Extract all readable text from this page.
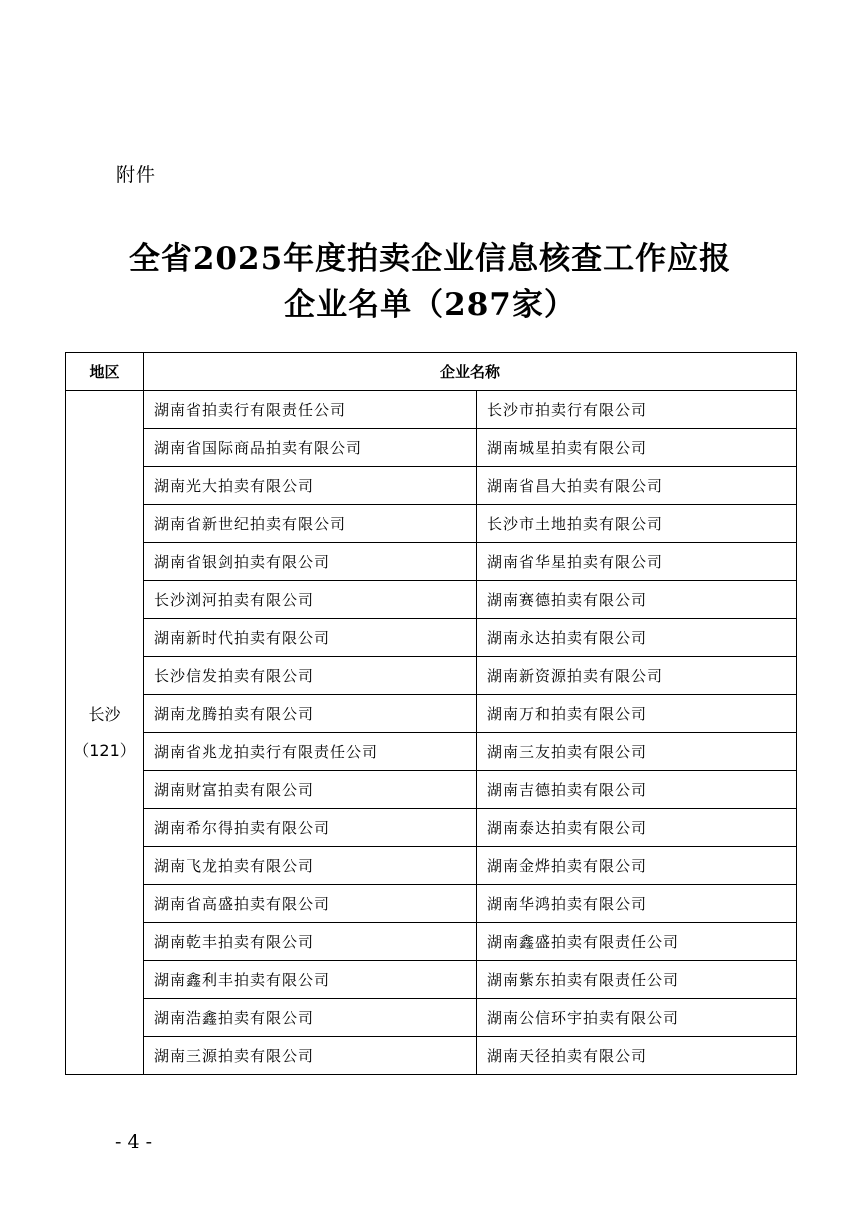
附件
全省2025年度拍卖企业信息核查工作应报
企业名单（287家）
地区	企业名称	

长沙
（121）	湖南省拍卖行有限责任公司	长沙市拍卖行有限公司
	湖南省国际商品拍卖有限公司	湖南城星拍卖有限公司
	湖南光大拍卖有限公司	湖南省昌大拍卖有限公司
	湖南省新世纪拍卖有限公司	长沙市土地拍卖有限公司
	湖南省银剑拍卖有限公司	湖南省华星拍卖有限公司
	长沙浏河拍卖有限公司	湖南赛德拍卖有限公司
	湖南新时代拍卖有限公司	湖南永达拍卖有限公司
	长沙信发拍卖有限公司	湖南新资源拍卖有限公司
	湖南龙腾拍卖有限公司	湖南万和拍卖有限公司
	湖南省兆龙拍卖行有限责任公司	湖南三友拍卖有限公司
	湖南财富拍卖有限公司	湖南吉德拍卖有限公司
	湖南希尔得拍卖有限公司	湖南泰达拍卖有限公司
	湖南飞龙拍卖有限公司	湖南金烨拍卖有限公司
	湖南省高盛拍卖有限公司	湖南华鸿拍卖有限公司
	湖南乾丰拍卖有限公司	湖南鑫盛拍卖有限责任公司
	湖南鑫利丰拍卖有限公司	湖南紫东拍卖有限责任公司
	湖南浩鑫拍卖有限公司	湖南公信环宇拍卖有限公司
	湖南三源拍卖有限公司	湖南天径拍卖有限公司
- 4 -
